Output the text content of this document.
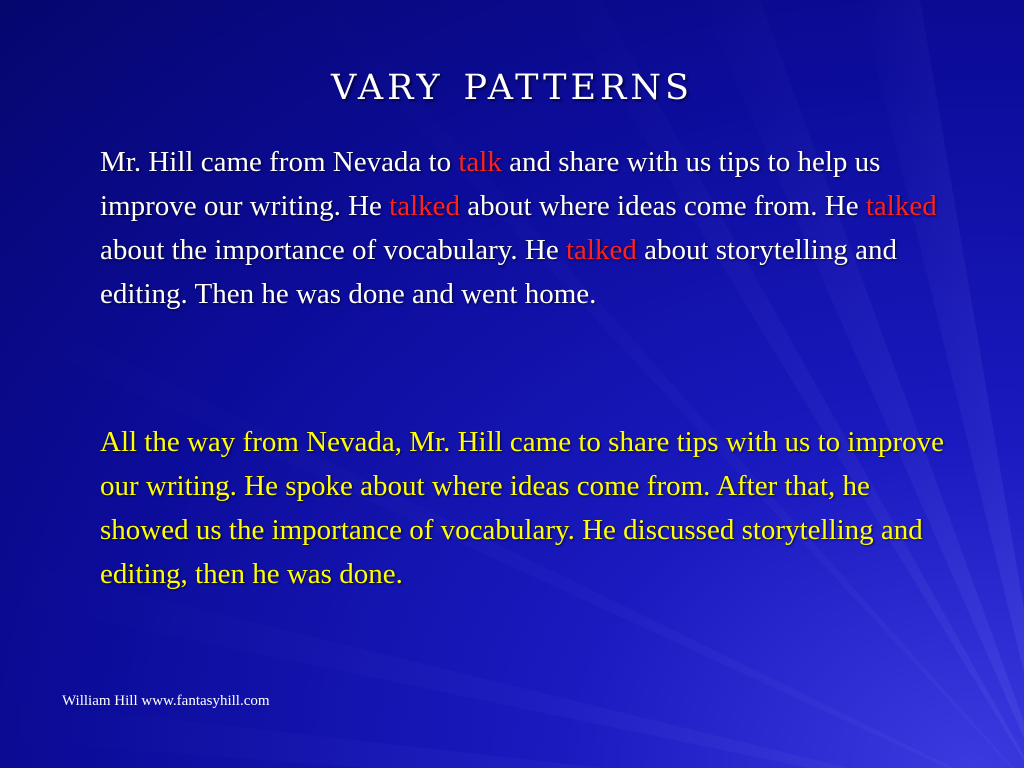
vary patterns

Mr. Hill came from Nevada to talk and share with us tips to help us improve our writing. He talked about where ideas come from. He talked about the importance of vocabulary. He talked about storytelling and editing. Then he was done and went home.

All the way from Nevada, Mr. Hill came to share tips with us to improve our writing. He spoke about where ideas come from. After that, he showed us the importance of vocabulary. He discussed storytelling and editing, then he was done.

William Hill www.fantasyhill.com
